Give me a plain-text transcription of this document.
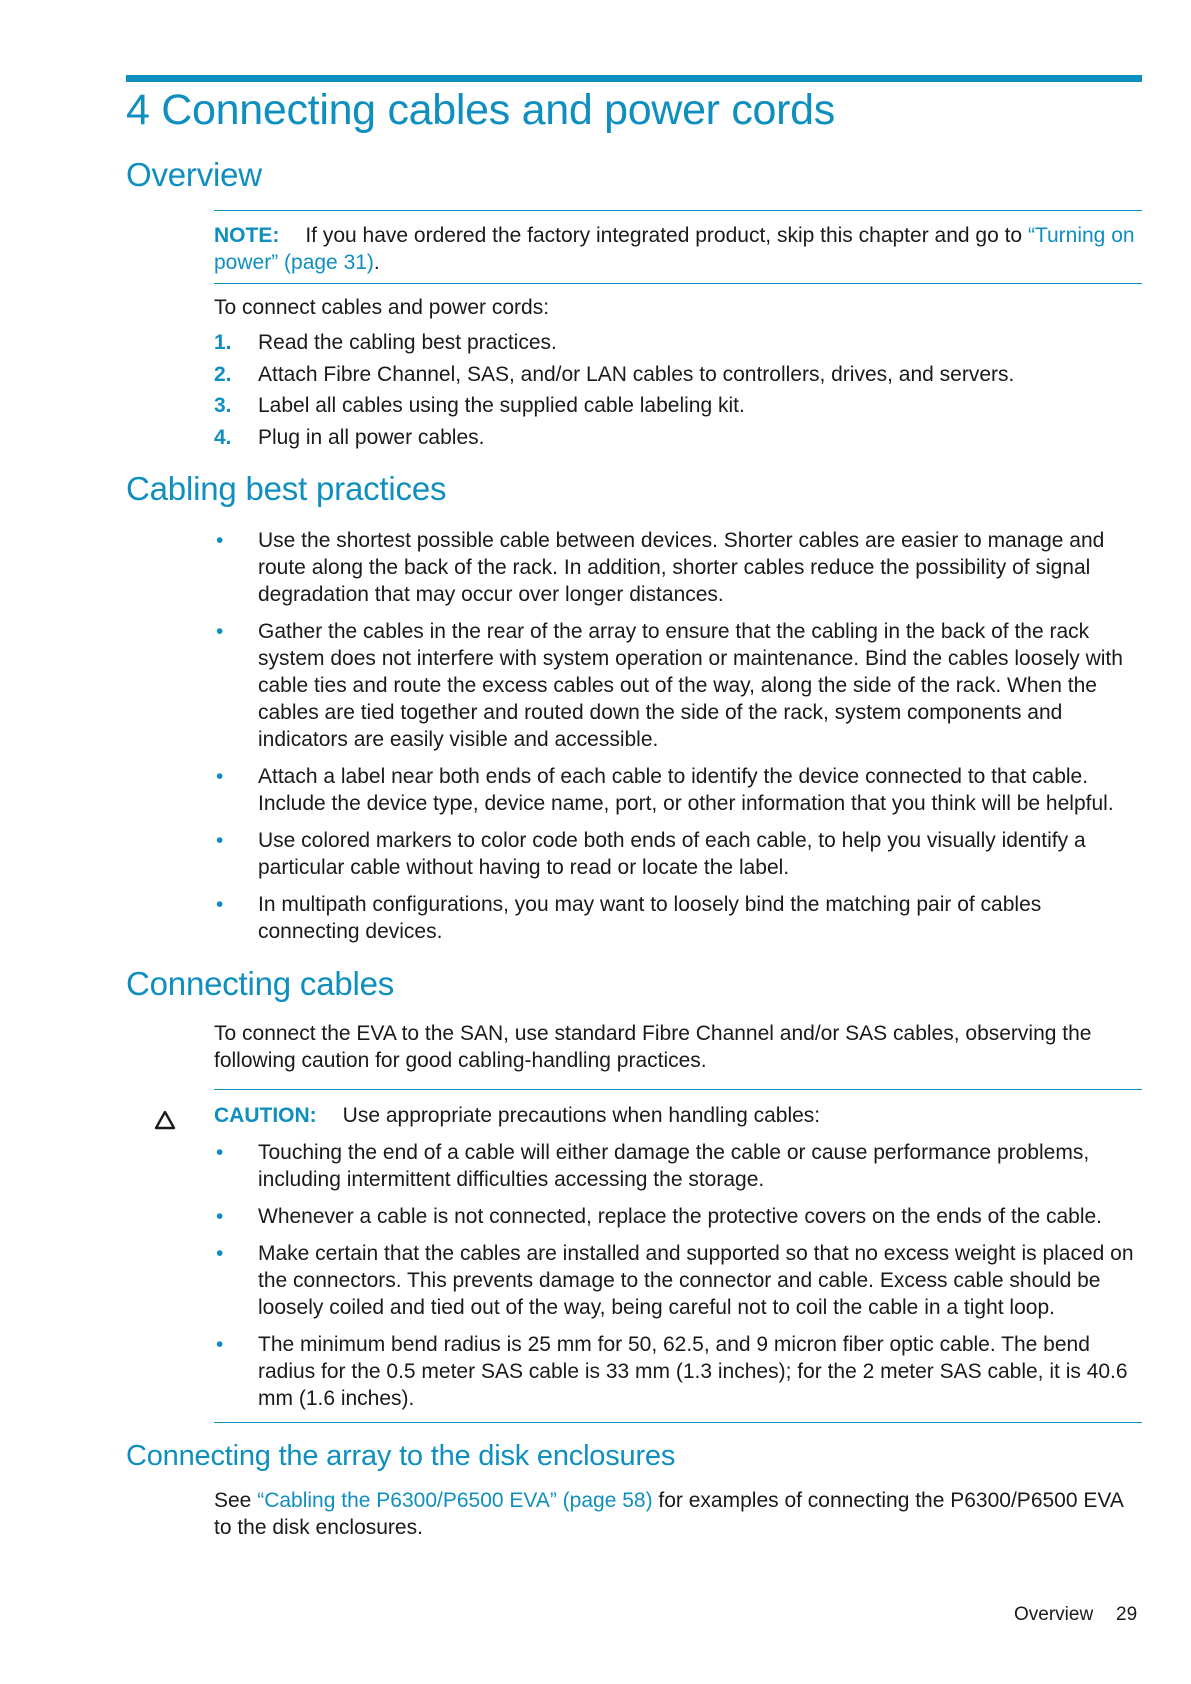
4 Connecting cables and power cords
Overview
NOTE: If you have ordered the factory integrated product, skip this chapter and go to “Turning on power” (page 31).
To connect cables and power cords:
1. Read the cabling best practices.
2. Attach Fibre Channel, SAS, and/or LAN cables to controllers, drives, and servers.
3. Label all cables using the supplied cable labeling kit.
4. Plug in all power cables.
Cabling best practices
• Use the shortest possible cable between devices. Shorter cables are easier to manage and route along the back of the rack. In addition, shorter cables reduce the possibility of signal degradation that may occur over longer distances.
• Gather the cables in the rear of the array to ensure that the cabling in the back of the rack system does not interfere with system operation or maintenance. Bind the cables loosely with cable ties and route the excess cables out of the way, along the side of the rack. When the cables are tied together and routed down the side of the rack, system components and indicators are easily visible and accessible.
• Attach a label near both ends of each cable to identify the device connected to that cable. Include the device type, device name, port, or other information that you think will be helpful.
• Use colored markers to color code both ends of each cable, to help you visually identify a particular cable without having to read or locate the label.
• In multipath configurations, you may want to loosely bind the matching pair of cables connecting devices.
Connecting cables
To connect the EVA to the SAN, use standard Fibre Channel and/or SAS cables, observing the following caution for good cabling-handling practices.
CAUTION: Use appropriate precautions when handling cables:
• Touching the end of a cable will either damage the cable or cause performance problems, including intermittent difficulties accessing the storage.
• Whenever a cable is not connected, replace the protective covers on the ends of the cable.
• Make certain that the cables are installed and supported so that no excess weight is placed on the connectors. This prevents damage to the connector and cable. Excess cable should be loosely coiled and tied out of the way, being careful not to coil the cable in a tight loop.
• The minimum bend radius is 25 mm for 50, 62.5, and 9 micron fiber optic cable. The bend radius for the 0.5 meter SAS cable is 33 mm (1.3 inches); for the 2 meter SAS cable, it is 40.6 mm (1.6 inches).
Connecting the array to the disk enclosures
See “Cabling the P6300/P6500 EVA” (page 58) for examples of connecting the P6300/P6500 EVA to the disk enclosures.
Overview 29
